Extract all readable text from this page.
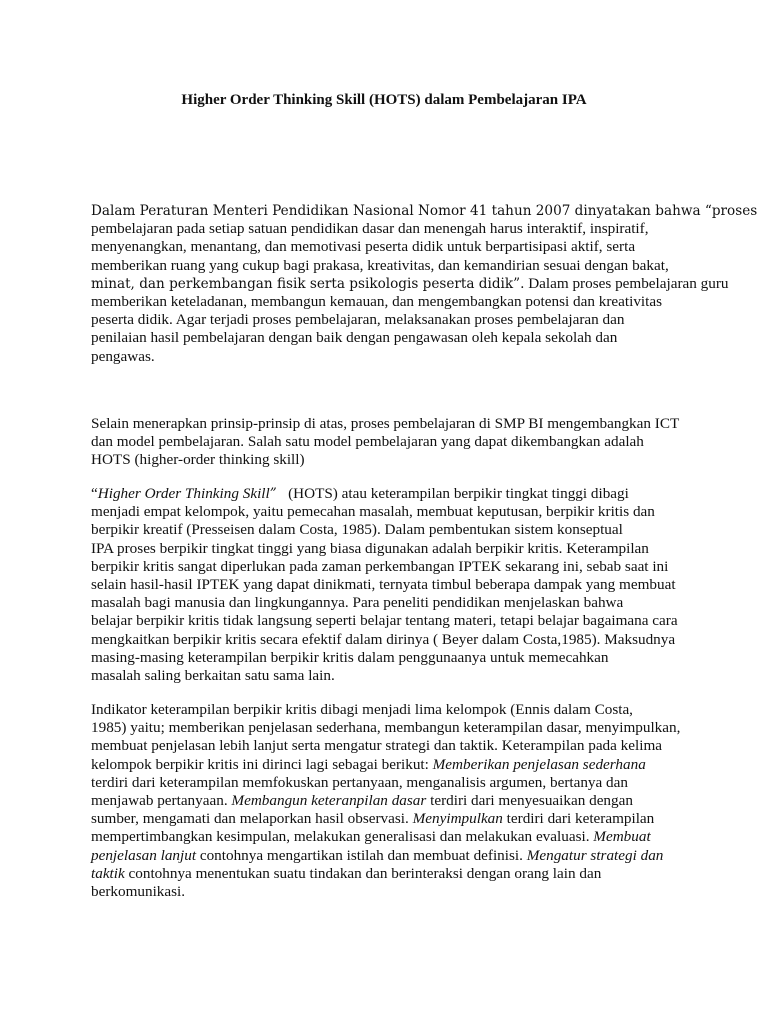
Higher Order Thinking Skill (HOTS) dalam Pembelajaran IPA
Dalam Peraturan Menteri Pendidikan Nasional Nomor 41 tahun 2007 dinyatakan bahwa “proses
pembelajaran pada setiap satuan pendidikan dasar dan menengah harus interaktif, inspiratif,
menyenangkan, menantang, dan memotivasi peserta didik untuk berpartisipasi aktif, serta
memberikan ruang yang cukup bagi prakasa, kreativitas, dan kemandirian sesuai dengan bakat,
minat, dan perkembangan fisik serta psikologis peserta didik”. Dalam proses pembelajaran guru
memberikan keteladanan, membangun kemauan, dan mengembangkan potensi dan kreativitas
peserta didik. Agar terjadi proses pembelajaran, melaksanakan proses pembelajaran dan
penilaian hasil pembelajaran dengan baik dengan pengawasan oleh kepala sekolah dan
pengawas.
Selain menerapkan prinsip-prinsip di atas, proses pembelajaran di SMP BI mengembangkan ICT
dan model pembelajaran. Salah satu model pembelajaran yang dapat dikembangkan adalah
HOTS (higher-order thinking skill)
“Higher Order Thinking Skill” (HOTS) atau keterampilan berpikir tingkat tinggi dibagi
menjadi empat kelompok, yaitu pemecahan masalah, membuat keputusan, berpikir kritis dan
berpikir kreatif (Presseisen dalam Costa, 1985). Dalam pembentukan sistem konseptual
IPA proses berpikir tingkat tinggi yang biasa digunakan adalah berpikir kritis. Keterampilan
berpikir kritis sangat diperlukan pada zaman perkembangan IPTEK sekarang ini, sebab saat ini
selain hasil-hasil IPTEK yang dapat dinikmati, ternyata timbul beberapa dampak yang membuat
masalah bagi manusia dan lingkungannya. Para peneliti pendidikan menjelaskan bahwa
belajar berpikir kritis tidak langsung seperti belajar tentang materi, tetapi belajar bagaimana cara
mengkaitkan berpikir kritis secara efektif dalam dirinya ( Beyer dalam Costa,1985). Maksudnya
masing-masing keterampilan berpikir kritis dalam penggunaanya untuk memecahkan
masalah saling berkaitan satu sama lain.
Indikator keterampilan berpikir kritis dibagi menjadi lima kelompok (Ennis dalam Costa,
1985) yaitu; memberikan penjelasan sederhana, membangun keterampilan dasar, menyimpulkan,
membuat penjelasan lebih lanjut serta mengatur strategi dan taktik. Keterampilan pada kelima
kelompok berpikir kritis ini dirinci lagi sebagai berikut: Memberikan penjelasan sederhana
terdiri dari keterampilan memfokuskan pertanyaan, menganalisis argumen, bertanya dan
menjawab pertanyaan. Membangun keteranpilan dasar terdiri dari menyesuaikan dengan
sumber, mengamati dan melaporkan hasil observasi. Menyimpulkan terdiri dari keterampilan
mempertimbangkan kesimpulan, melakukan generalisasi dan melakukan evaluasi. Membuat
penjelasan lanjut contohnya mengartikan istilah dan membuat definisi. Mengatur strategi dan
taktik contohnya menentukan suatu tindakan dan berinteraksi dengan orang lain dan
berkomunikasi.
